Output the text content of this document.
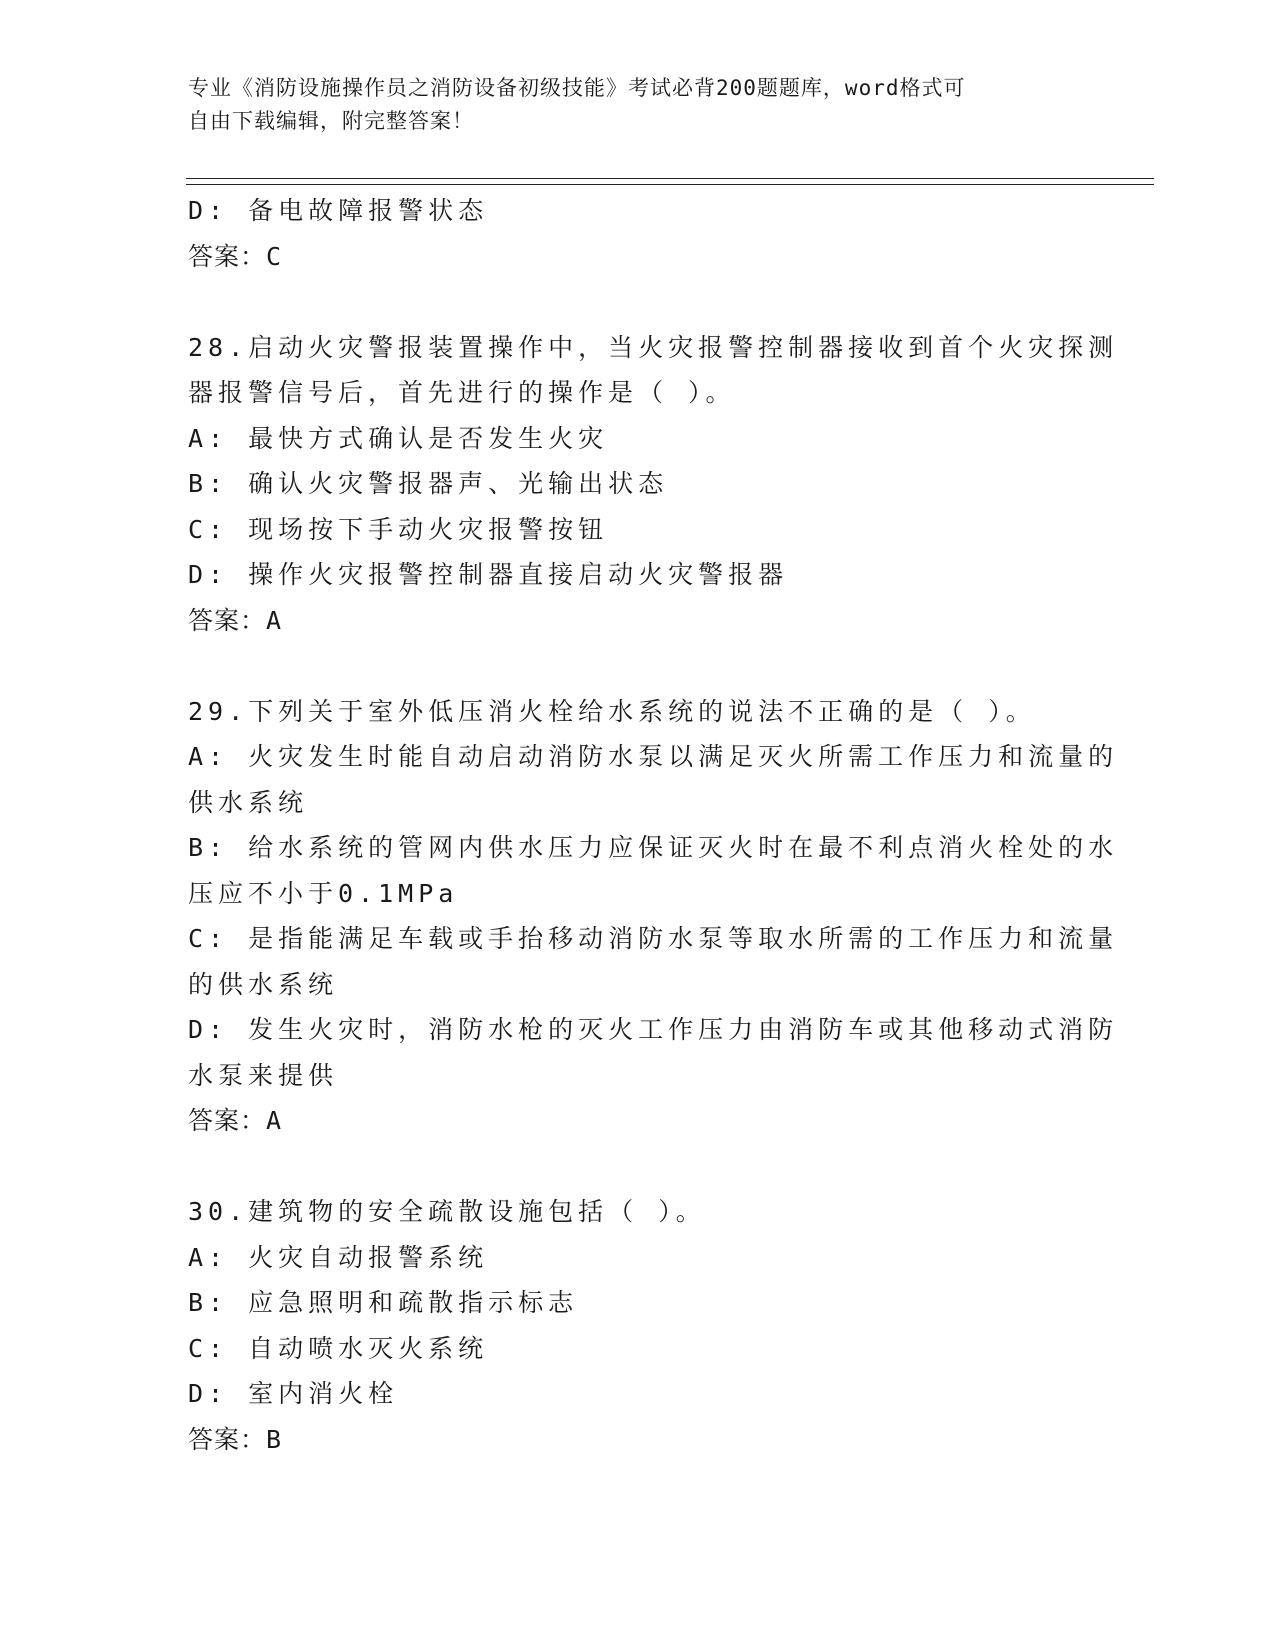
专业《消防设施操作员之消防设备初级技能》考试必背200题题库，word格式可
自由下载编辑，附完整答案！
D: 备电故障报警状态
答案：C
28.启动火灾警报装置操作中，当火灾报警控制器接收到首个火灾探测
器报警信号后，首先进行的操作是（ ）。
A: 最快方式确认是否发生火灾
B: 确认火灾警报器声、光输出状态
C: 现场按下手动火灾报警按钮
D: 操作火灾报警控制器直接启动火灾警报器
答案：A
29.下列关于室外低压消火栓给水系统的说法不正确的是（ ）。
A: 火灾发生时能自动启动消防水泵以满足灭火所需工作压力和流量的
供水系统
B: 给水系统的管网内供水压力应保证灭火时在最不利点消火栓处的水
压应不小于0.1MPa
C: 是指能满足车载或手抬移动消防水泵等取水所需的工作压力和流量
的供水系统
D: 发生火灾时，消防水枪的灭火工作压力由消防车或其他移动式消防
水泵来提供
答案：A
30.建筑物的安全疏散设施包括（ ）。
A: 火灾自动报警系统
B: 应急照明和疏散指示标志
C: 自动喷水灭火系统
D: 室内消火栓
答案：B
